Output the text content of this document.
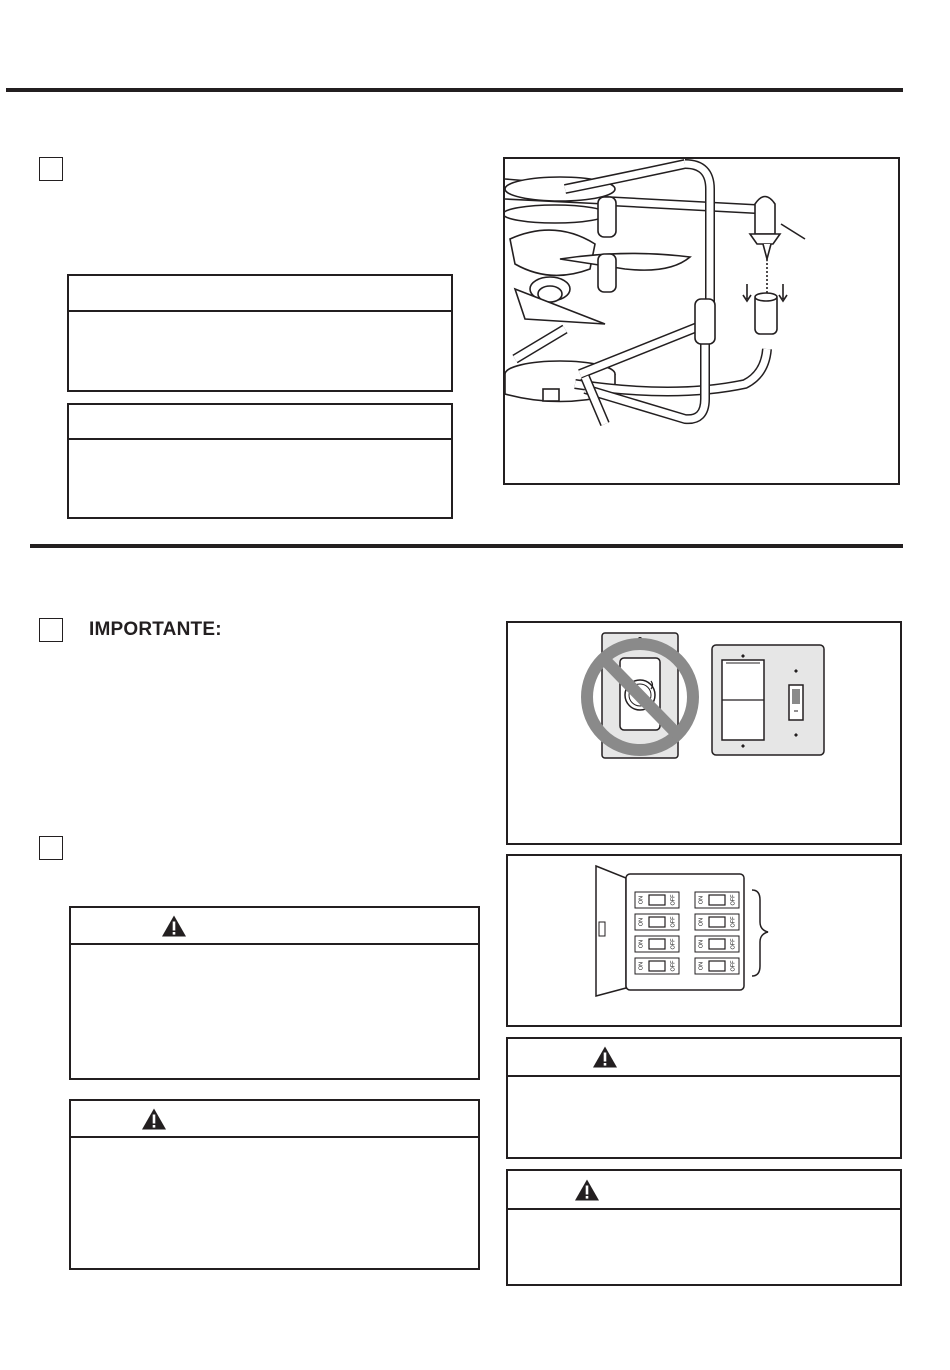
IMPORTANTE:
ON	OFF	ON	OFF
ON	OFF	ON	OFF
ON	OFF	ON	OFF
ON	OFF	ON	OFF
